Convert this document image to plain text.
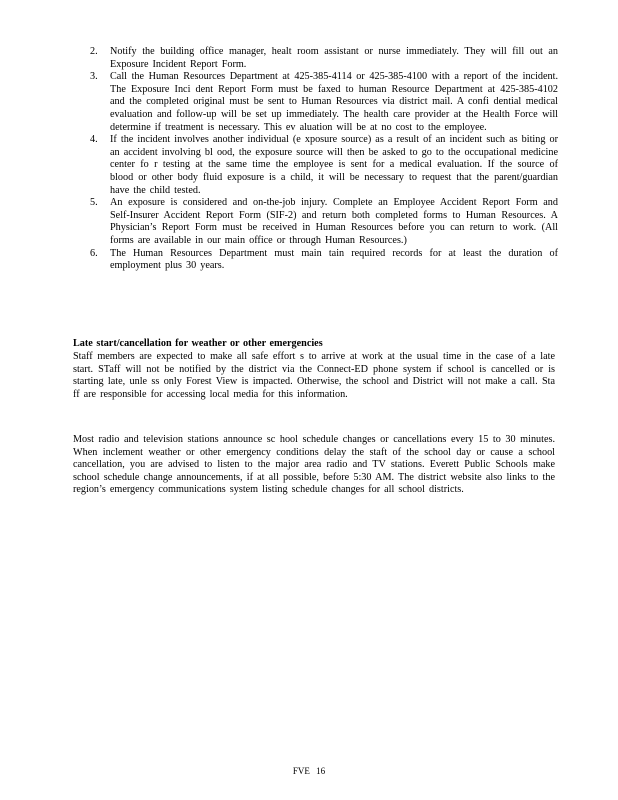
2.	Notify the building office manager, healt room assistant or nurse immediately. They will fill out an Exposure Incident Report Form.
3.	Call the Human Resources Department at 425-385-4114 or 425-385-4100 with a report of the incident. The Exposure Inci dent Report Form must be faxed to human Resource Department at 425-385-4102 and the completed original must be sent to Human Resources via district mail. A confi dential medical evaluation and follow-up will be set up immediately. The health care provider at the Health Force will determine if treatment is necessary. This ev aluation will be at no cost to the employee.
4.	If the incident involves another individual (e xposure source) as a result of an incident such as biting or an accident involving bl ood, the exposure source will then be asked to go to the occupational medicine center fo r testing at the same time the employee is sent for a medical evaluation. If the source of blood or other body fluid exposure is a child, it will be necessary to request that the parent/guardian have the child tested.
5.	An exposure is considered and on-the-job injury. Complete an Employee Accident Report Form and Self-Insurer Accident Report Form (SIF-2) and return both completed forms to Human Resources. A Physician’s Report Form must be received in Human Resources before you can return to work. (All forms are available in our main office or through Human Resources.)
6.	The Human Resources Department must main tain required records for at least the duration of employment plus 30 years.
Late start/cancellation for weather or other emergencies

Staff members are expected to make all safe effort s to arrive at work at the usual time in the case of a late start. STaff will not be notified by the district via the Connect-ED phone system if school is cancelled or is starting late, unle ss only Forest View is impacted. Otherwise, the school and District will not make a call. Sta ff are responsible for accessing local media for this information.

Most radio and television stations announce sc hool schedule changes or cancellations every 15 to 30 minutes. When inclement weather or other emergency conditions delay the staft of the school day or cause a school cancellation, you are advised to listen to the major area radio and TV stations. Everett Public Schools make school schedule change announcements, if at all possible, before 5:30 AM. The district website also links to the region’s emergency communications system listing schedule changes for all school districts.

FVE 16
